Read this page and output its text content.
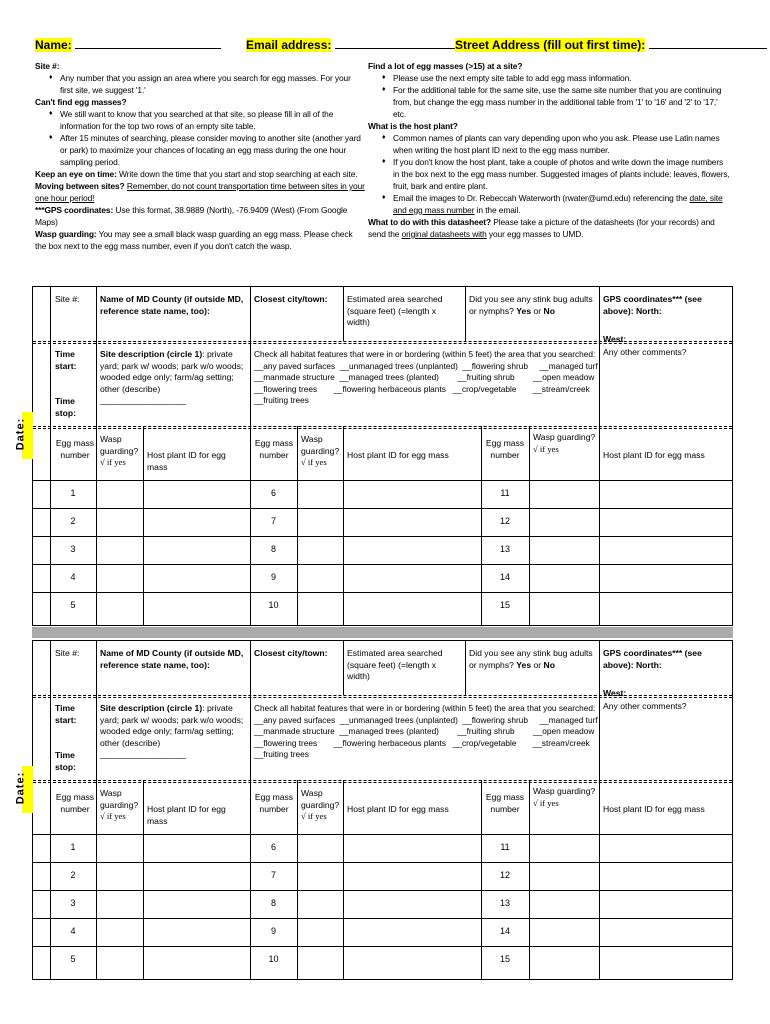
Name:	Email address:	Street Address (fill out first time):

Site #:

♦ Any number that you assign an area where you search for egg masses. For your first site, we suggest '1.'

Can't find egg masses?

♦ We still want to know that you searched at that site, so please fill in all of the information for the top two rows of an empty site table.
♦ After 15 minutes of searching, please consider moving to another site (another yard or park) to maximize your chances of locating an egg mass during the one hour sampling period.

Keep an eye on time: Write down the time that you start and stop searching at each site.

Moving between sites? Remember, do not count transportation time between sites in your one hour period!

***GPS coordinates: Use this format, 38.9889 (North), -76.9409 (West) (From Google Maps)

Wasp guarding: You may see a small black wasp guarding an egg mass. Please check the box next to the egg mass number, even if you don't catch the wasp.

Find a lot of egg masses (>15) at a site?

♦ Please use the next empty site table to add egg mass information.
♦ For the additional table for the same site, use the same site number that you are continuing from, but change the egg mass number in the additional table from '1' to '16' and '2' to '17,' etc.

What is the host plant?

♦ Common names of plants can vary depending upon who you ask. Please use Latin names when writing the host plant ID next to the egg mass number.
♦ If you don't know the host plant, take a couple of photos and write down the image numbers in the box next to the egg mass number. Suggested images of plants include: leaves, flowers, fruit, bark and entire plant.
♦ Email the images to Dr. Rebeccah Waterworth (rwater@umd.edu) referencing the date, site and egg mass number in the email.

What to do with this datasheet? Please take a picture of the datasheets (for your records) and send the original datasheets with your egg masses to UMD.

Site #: Name of MD County (if outside MD, reference state name, too):
Closest city/town: Estimated area searched (square feet) (=length x width)
Did you see any stink bug adults or nymphs? Yes or No
GPS coordinates*** (see above): North:
West:
Any other comments?
Time start:
Time stop:
Site description (circle 1): private yard; park w/ woods; park w/o woods; wooded edge only; farm/ag setting; other (describe) __________________
Check all habitat features that were in or bordering (within 5 feet) the area that you searched:
__any paved surfaces  __unmanaged trees (unplanted)  __flowering shrub     __managed turf
__manmade structure  __managed trees (planted)        __fruiting shrub        __open meadow
__flowering trees       __flowering herbaceous plants   __crop/vegetable       __stream/creek
__fruiting trees
Egg mass number
Wasp guarding?
√ if yes
Host plant ID for egg mass
Egg mass number
Wasp guarding?
√ if yes
Host plant ID for egg mass
Egg mass number
Wasp guarding?
√ if yes
Host plant ID for egg mass
1
2
3
4
5
6
7
8
9
10
11
12
13
14
15
Date:
Site #: Name of MD County (if outside MD, reference state name, too):
Closest city/town: Estimated area searched (square feet) (=length x width)
Did you see any stink bug adults or nymphs? Yes or No
GPS coordinates*** (see above): North:
West:
Any other comments?
Time start:
Time stop:
Site description (circle 1): private yard; park w/ woods; park w/o woods; wooded edge only; farm/ag setting; other (describe) __________________
Check all habitat features that were in or bordering (within 5 feet) the area that you searched:
__any paved surfaces  __unmanaged trees (unplanted)  __flowering shrub     __managed turf
__manmade structure  __managed trees (planted)        __fruiting shrub        __open meadow
__flowering trees       __flowering herbaceous plants   __crop/vegetable       __stream/creek
__fruiting trees
Egg mass number
Wasp guarding?
√ if yes
Host plant ID for egg mass
Egg mass number
Wasp guarding?
√ if yes
Host plant ID for egg mass
Egg mass number
Wasp guarding?
√ if yes
Host plant ID for egg mass
1
2
3
4
5
6
7
8
9
10
11
12
13
14
15
Date:
